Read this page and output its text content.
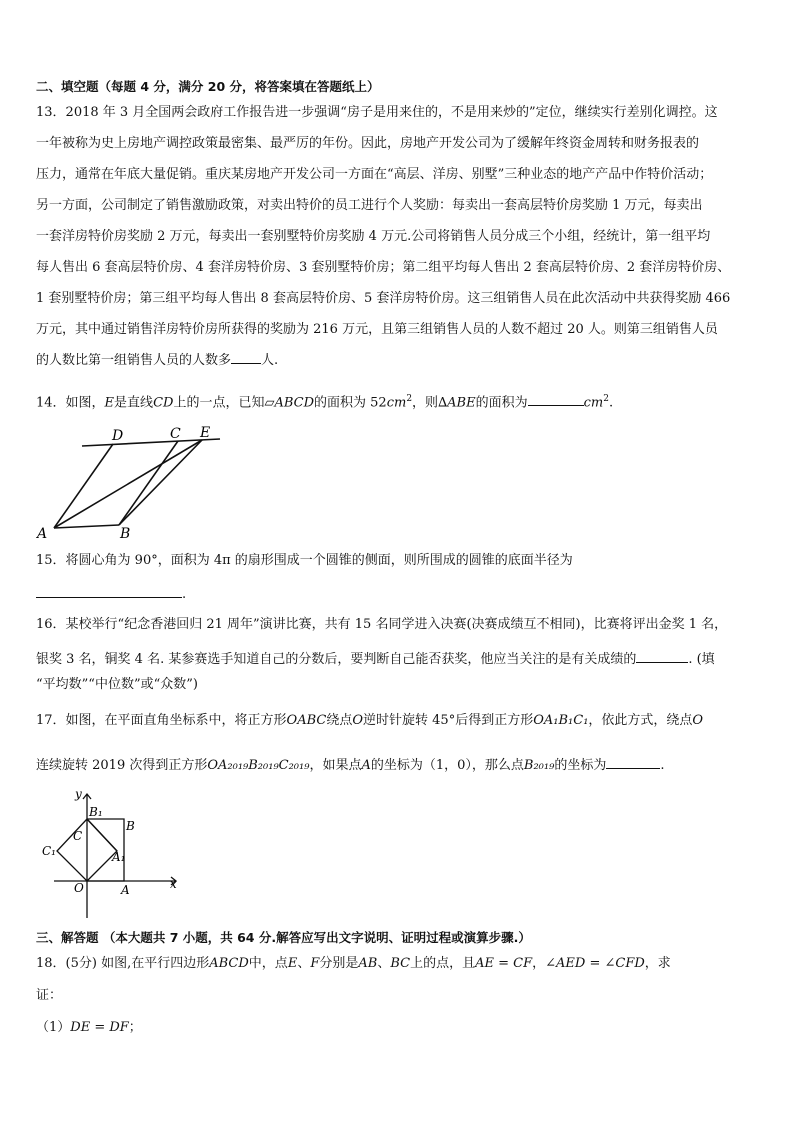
二、填空题（每题 4 分，满分 20 分，将答案填在答题纸上）
13．2018 年 3 月全国两会政府工作报告进一步强调“房子是用来住的，不是用来炒的”定位，继续实行差别化调控。这
一年被称为史上房地产调控政策最密集、最严厉的年份。因此，房地产开发公司为了缓解年终资金周转和财务报表的
压力，通常在年底大量促销。重庆某房地产开发公司一方面在“高层、洋房、别墅”三种业态的地产产品中作特价活动；
另一方面，公司制定了销售激励政策，对卖出特价的员工进行个人奖励：每卖出一套高层特价房奖励 1 万元，每卖出
一套洋房特价房奖励 2 万元，每卖出一套别墅特价房奖励 4 万元.公司将销售人员分成三个小组，经统计，第一组平均
每人售出 6 套高层特价房、4 套洋房特价房、3 套别墅特价房；第二组平均每人售出 2 套高层特价房、2 套洋房特价房、
1 套别墅特价房；第三组平均每人售出 8 套高层特价房、5 套洋房特价房。这三组销售人员在此次活动中共获得奖励 466
万元，其中通过销售洋房特价房所获得的奖励为 216 万元，且第三组销售人员的人数不超过 20 人。则第三组销售人员
的人数比第一组销售人员的人数多 人.
14．如图，E是直线CD上的一点，已知▱ABCD的面积为 $52cm^2$，则∆ABE的面积为	$cm^2$.
D	C E
A	B
15．将圆心角为 90°，面积为 4π 的扇形围成一个圆锥的侧面，则所围成的圆锥的底面半径为
.
16．某校举行“纪念香港回归 21 周年”演讲比赛，共有 15 名同学进入决赛(决赛成绩互不相同)，比赛将评出金奖 1 名，
银奖 3 名，铜奖 4 名. 某参赛选手知道自己的分数后，要判断自己能否获奖，他应当关注的是有关成绩的	. (填
“平均数”“中位数”或“众数”)
17．如图，在平面直角坐标系中，将正方形OABC绕点O逆时针旋转 45°后得到正方形OA₁B₁C₁，依此方式，绕点O
连续旋转 2019 次得到正方形OA₂₀₁₉B₂₀₁₉C₂₀₁₉，如果点A的坐标为（1，0），那么点B₂₀₁₉的坐标为	.
y
x
B₁
B
C
A₁
C₁
O	A
三、解答题 （本大题共 7 小题，共 64 分.解答应写出文字说明、证明过程或演算步骤.）
18．(5分) 如图,在平行四边形ABCD中，点E、F分别是AB、BC上的点，且AE = CF，∠AED = ∠CFD，求
证：
（1）DE = DF；
